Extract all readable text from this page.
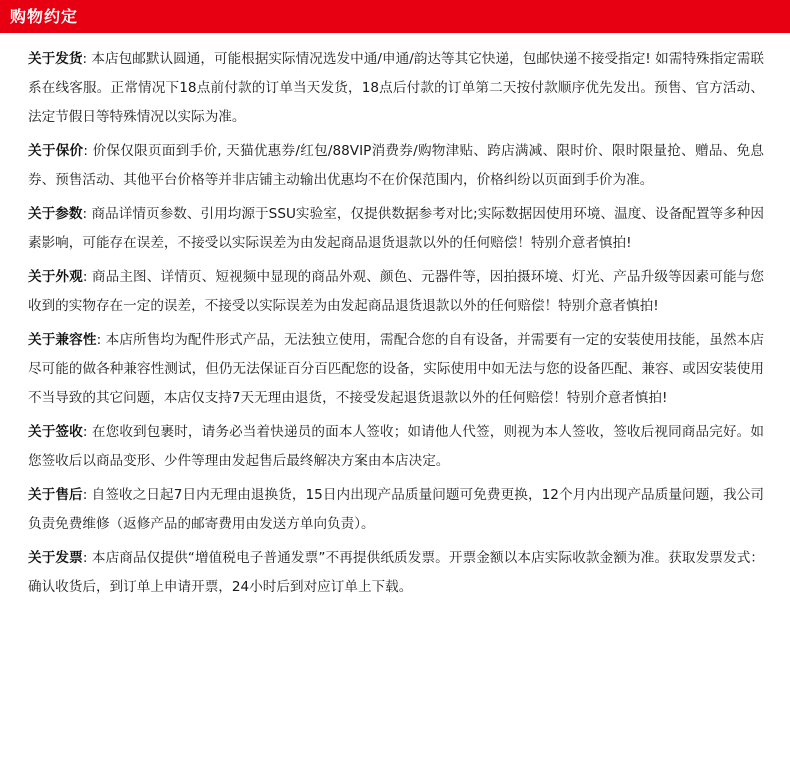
购物约定

关于发货: 本店包邮默认圆通，可能根据实际情况选发中通/申通/韵达等其它快递，包邮快递不接受指定! 如需特殊指定需联系在线客服。正常情况下18点前付款的订单当天发货，18点后付款的订单第二天按付款顺序优先发出。预售、官方活动、法定节假日等特殊情况以实际为准。

关于保价: 价保仅限页面到手价, 天猫优惠券/红包/88VIP消费券/购物津贴、跨店满减、限时价、限时限量抢、赠品、免息券、预售活动、其他平台价格等并非店铺主动输出优惠均不在价保范围内，价格纠纷以页面到手价为准。

关于参数: 商品详情页参数、引用均源于SSU实验室，仅提供数据参考对比;实际数据因使用环境、温度、设备配置等多种因素影响，可能存在误差，不接受以实际误差为由发起商品退货退款以外的任何赔偿！特别介意者慎拍!

关于外观: 商品主图、详情页、短视频中显现的商品外观、颜色、元器件等，因拍摄环境、灯光、产品升级等因素可能与您收到的实物存在一定的误差，不接受以实际误差为由发起商品退货退款以外的任何赔偿！特别介意者慎拍!

关于兼容性: 本店所售均为配件形式产品，无法独立使用，需配合您的自有设备，并需要有一定的安装使用技能，虽然本店尽可能的做各种兼容性测试，但仍无法保证百分百匹配您的设备，实际使用中如无法与您的设备匹配、兼容、或因安装使用不当导致的其它问题，本店仅支持7天无理由退货，不接受发起退货退款以外的任何赔偿！特别介意者慎拍!

关于签收: 在您收到包裹时，请务必当着快递员的面本人签收；如请他人代签，则视为本人签收，签收后视同商品完好。如您签收后以商品变形、少件等理由发起售后最终解决方案由本店决定。

关于售后: 自签收之日起7日内无理由退换货，15日内出现产品质量问题可免费更换，12个月内出现产品质量问题，我公司负责免费维修（返修产品的邮寄费用由发送方单向负责）。

关于发票: 本店商品仅提供“增值税电子普通发票”不再提供纸质发票。开票金额以本店实际收款金额为准。获取发票发式：确认收货后，到订单上申请开票，24小时后到对应订单上下载。
